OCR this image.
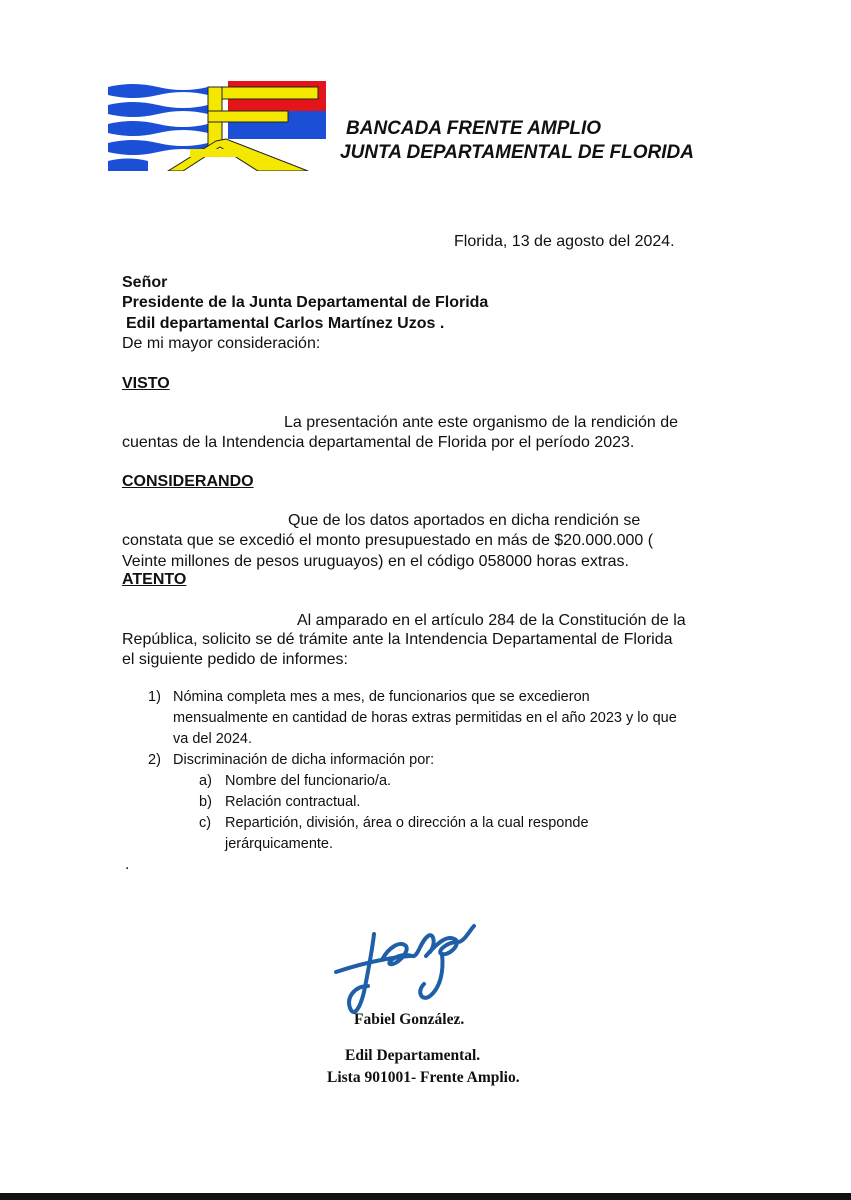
BANCADA FRENTE AMPLIO
JUNTA DEPARTAMENTAL DE FLORIDA
Florida, 13 de agosto del 2024.
Señor
Presidente de la Junta Departamental de Florida
Edil departamental Carlos Martínez Uzos .
De mi mayor consideración:
VISTO
La presentación ante este organismo de la rendición de
cuentas de la Intendencia departamental de Florida por el período 2023.
CONSIDERANDO
Que de los datos aportados en dicha rendición se
constata que se excedió el monto presupuestado en más de $20.000.000 (
Veinte millones de pesos uruguayos) en el código 058000 horas extras.
ATENTO
Al amparado en el artículo 284 de la Constitución de la
República, solicito se dé trámite ante la Intendencia Departamental de Florida
el siguiente pedido de informes:
1) Nómina completa mes a mes, de funcionarios que se excedieron
mensualmente en cantidad de horas extras permitidas en el año 2023 y lo que
va del 2024.
2) Discriminación de dicha información por:
a) Nombre del funcionario/a.
b) Relación contractual.
c) Repartición, división, área o dirección a la cual responde
jerárquicamente.
.
Fabiel González.
Edil Departamental.
Lista 901001- Frente Amplio.
